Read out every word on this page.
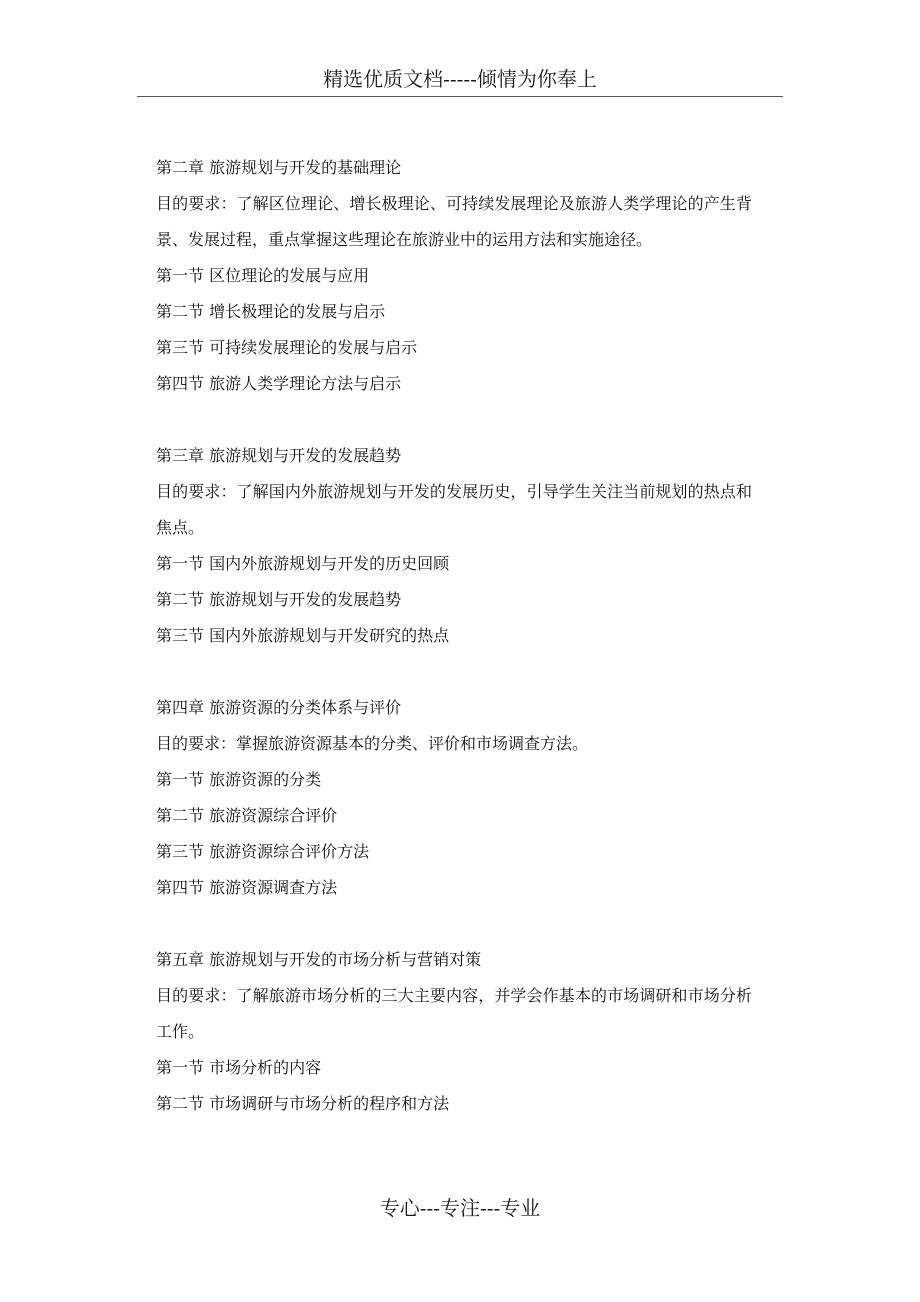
精选优质文档-----倾情为你奉上
第二章 旅游规划与开发的基础理论
目的要求：了解区位理论、增长极理论、可持续发展理论及旅游人类学理论的产生背景、发展过程，重点掌握这些理论在旅游业中的运用方法和实施途径。
第一节 区位理论的发展与应用
第二节 增长极理论的发展与启示
第三节 可持续发展理论的发展与启示
第四节 旅游人类学理论方法与启示
第三章 旅游规划与开发的发展趋势
目的要求：了解国内外旅游规划与开发的发展历史，引导学生关注当前规划的热点和焦点。
第一节 国内外旅游规划与开发的历史回顾
第二节 旅游规划与开发的发展趋势
第三节 国内外旅游规划与开发研究的热点
第四章 旅游资源的分类体系与评价
目的要求：掌握旅游资源基本的分类、评价和市场调查方法。
第一节 旅游资源的分类
第二节 旅游资源综合评价
第三节 旅游资源综合评价方法
第四节 旅游资源调查方法
第五章 旅游规划与开发的市场分析与营销对策
目的要求：了解旅游市场分析的三大主要内容，并学会作基本的市场调研和市场分析工作。
第一节 市场分析的内容
第二节 市场调研与市场分析的程序和方法
专心---专注---专业
